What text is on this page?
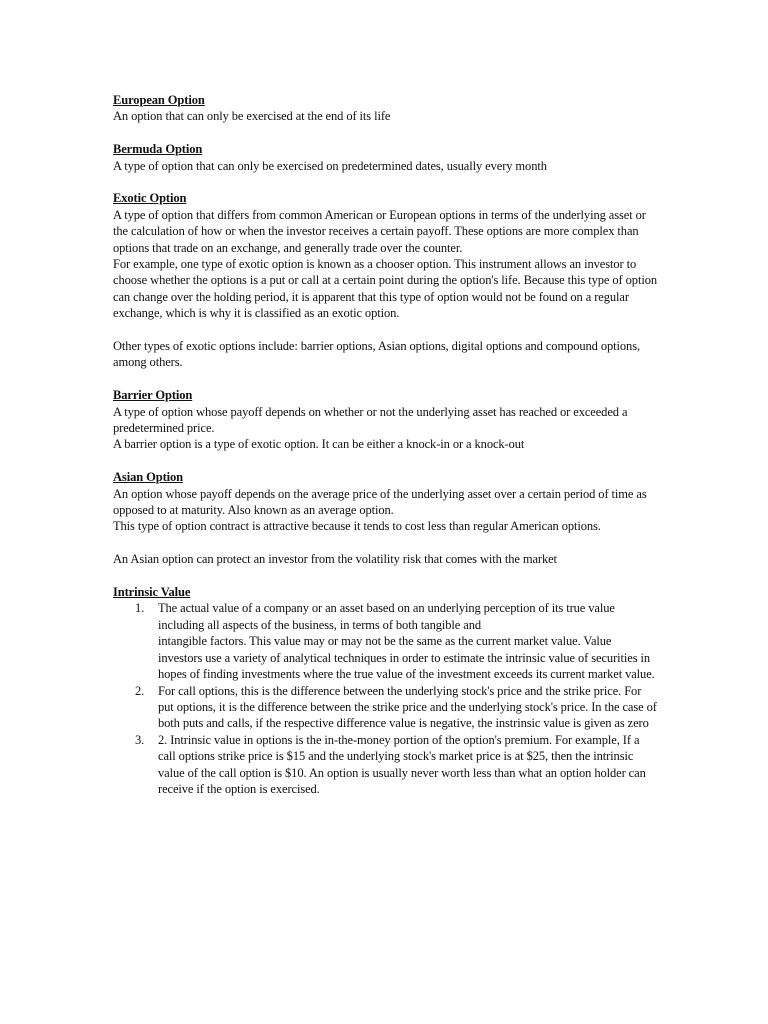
European Option
An option that can only be exercised at the end of its life
Bermuda Option
A type of option that can only be exercised on predetermined dates, usually every month
Exotic Option
A type of option that differs from common American or European options in terms of the underlying asset or the calculation of how or when the investor receives a certain payoff. These options are more complex than options that trade on an exchange, and generally trade over the counter.
For example, one type of exotic option is known as a chooser option. This instrument allows an investor to choose whether the options is a put or call at a certain point during the option's life. Because this type of option can change over the holding period, it is apparent that this type of option would not be found on a regular exchange, which is why it is classified as an exotic option.
Other types of exotic options include: barrier options, Asian options, digital options and compound options, among others.
Barrier Option
A type of option whose payoff depends on whether or not the underlying asset has reached or exceeded a predetermined price.
A barrier option is a type of exotic option. It can be either a knock-in or a knock-out
Asian Option
An option whose payoff depends on the average price of the underlying asset over a certain period of time as opposed to at maturity. Also known as an average option.
This type of option contract is attractive because it tends to cost less than regular American options.
An Asian option can protect an investor from the volatility risk that comes with the market
Intrinsic Value
1. The actual value of a company or an asset based on an underlying perception of its true value including all aspects of the business, in terms of both tangible and
intangible factors. This value may or may not be the same as the current market value. Value investors use a variety of analytical techniques in order to estimate the intrinsic value of securities in hopes of finding investments where the true value of the investment exceeds its current market value.
2. For call options, this is the difference between the underlying stock's price and the strike price. For put options, it is the difference between the strike price and the underlying stock's price. In the case of both puts and calls, if the respective difference value is negative, the instrinsic value is given as zero
3. 2. Intrinsic value in options is the in-the-money portion of the option's premium. For example, If a call options strike price is $15 and the underlying stock's market price is at $25, then the intrinsic value of the call option is $10. An option is usually never worth less than what an option holder can receive if the option is exercised.
